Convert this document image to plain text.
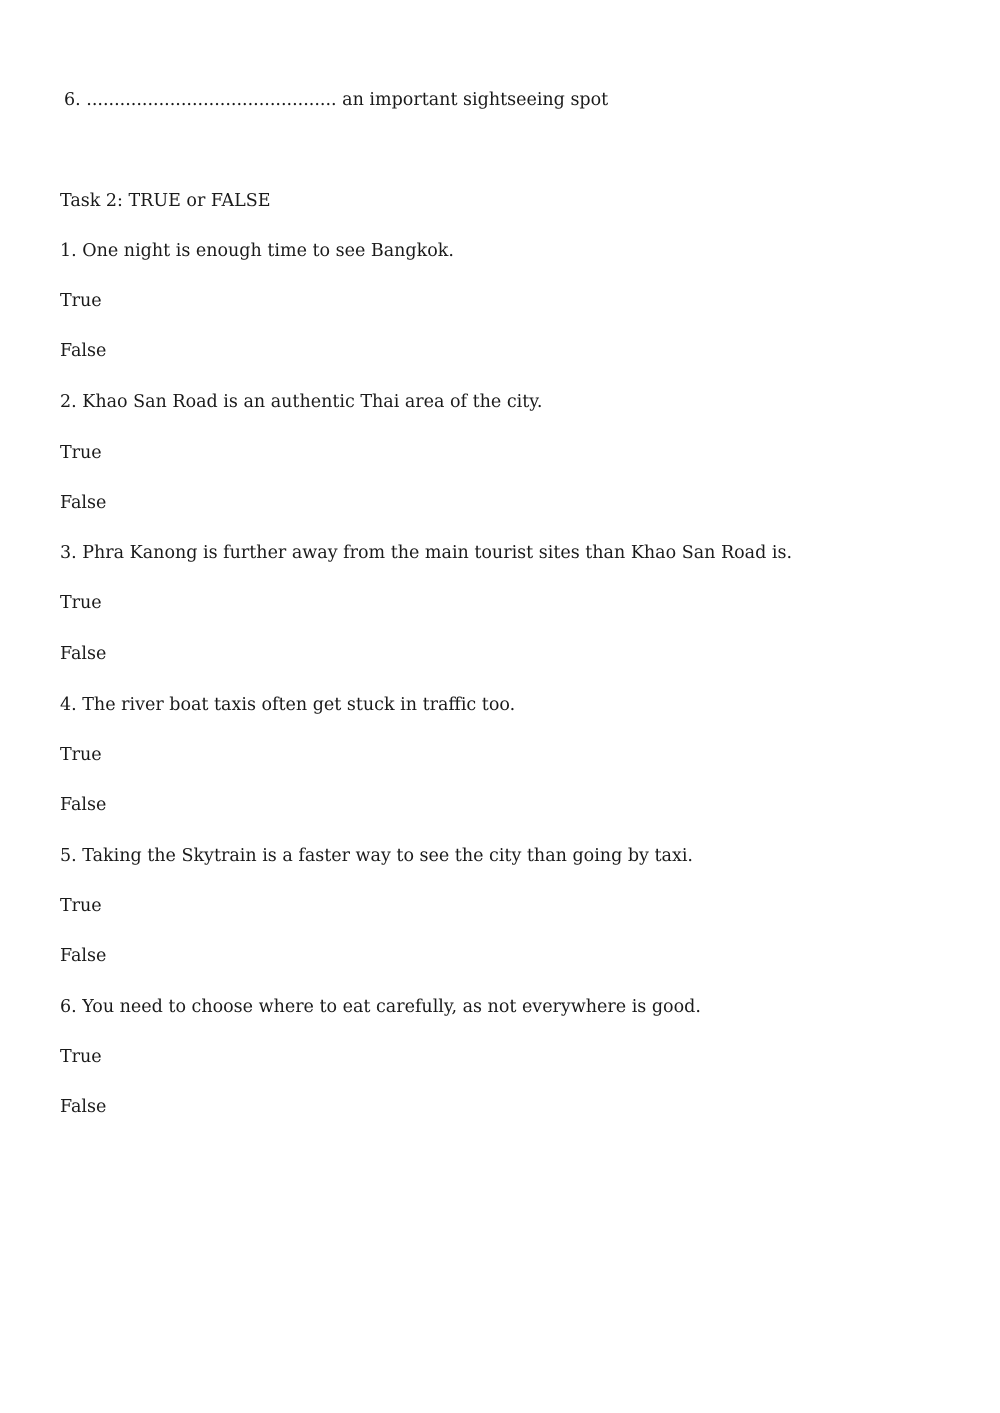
6. ............................................. an important sightseeing spot
Task 2: TRUE or FALSE
1. One night is enough time to see Bangkok.
True
False
2. Khao San Road is an authentic Thai area of the city.
True
False
3. Phra Kanong is further away from the main tourist sites than Khao San Road is.
True
False
4. The river boat taxis often get stuck in traffic too.
True
False
5. Taking the Skytrain is a faster way to see the city than going by taxi.
True
False
6. You need to choose where to eat carefully, as not everywhere is good.
True
False
